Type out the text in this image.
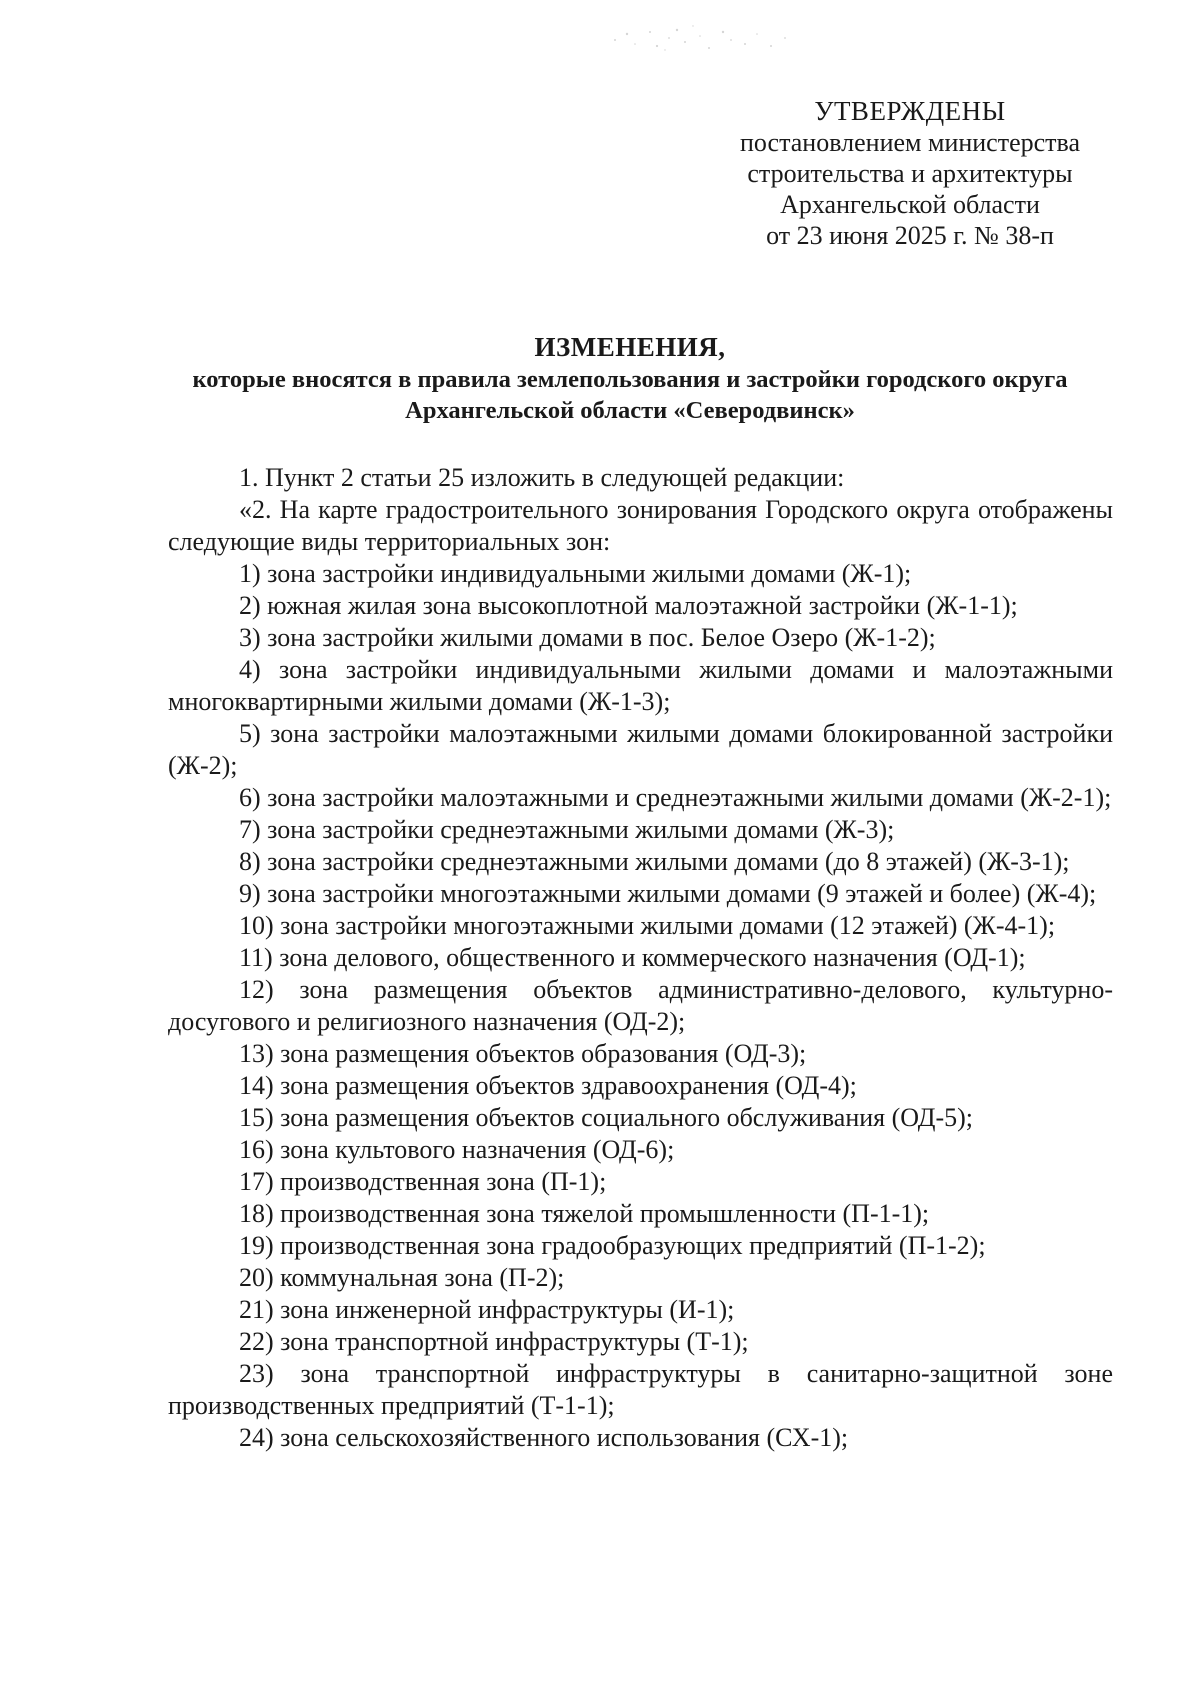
УТВЕРЖДЕНЫ
постановлением министерства
строительства и архитектуры
Архангельской области
от 23 июня 2025 г. № 38-п
ИЗМЕНЕНИЯ,
которые вносятся в правила землепользования и застройки городского округа Архангельской области «Северодвинск»

1. Пункт 2 статьи 25 изложить в следующей редакции:

«2. На карте градостроительного зонирования Городского округа отображены следующие виды территориальных зон:

1) зона застройки индивидуальными жилыми домами (Ж-1);

2) южная жилая зона высокоплотной малоэтажной застройки (Ж-1-1);

3) зона застройки жилыми домами в пос. Белое Озеро (Ж-1-2);

4) зона застройки индивидуальными жилыми домами и малоэтажными многоквартирными жилыми домами (Ж-1-3);

5) зона застройки малоэтажными жилыми домами блокированной застройки (Ж-2);

6) зона застройки малоэтажными и среднеэтажными жилыми домами (Ж-2-1);

7) зона застройки среднеэтажными жилыми домами (Ж-3);

8) зона застройки среднеэтажными жилыми домами (до 8 этажей) (Ж-3-1);

9) зона застройки многоэтажными жилыми домами (9 этажей и более) (Ж-4);

10) зона застройки многоэтажными жилыми домами (12 этажей) (Ж-4-1);

11) зона делового, общественного и коммерческого назначения (ОД-1);

12) зона размещения объектов административно-делового, культурно-досугового и религиозного назначения (ОД-2);

13) зона размещения объектов образования (ОД-3);

14) зона размещения объектов здравоохранения (ОД-4);

15) зона размещения объектов социального обслуживания (ОД-5);

16) зона культового назначения (ОД-6);

17) производственная зона (П-1);

18) производственная зона тяжелой промышленности (П-1-1);

19) производственная зона градообразующих предприятий (П-1-2);

20) коммунальная зона (П-2);

21) зона инженерной инфраструктуры (И-1);

22) зона транспортной инфраструктуры (Т-1);

23) зона транспортной инфраструктуры в санитарно-защитной зоне производственных предприятий (Т-1-1);

24) зона сельскохозяйственного использования (СХ-1);
